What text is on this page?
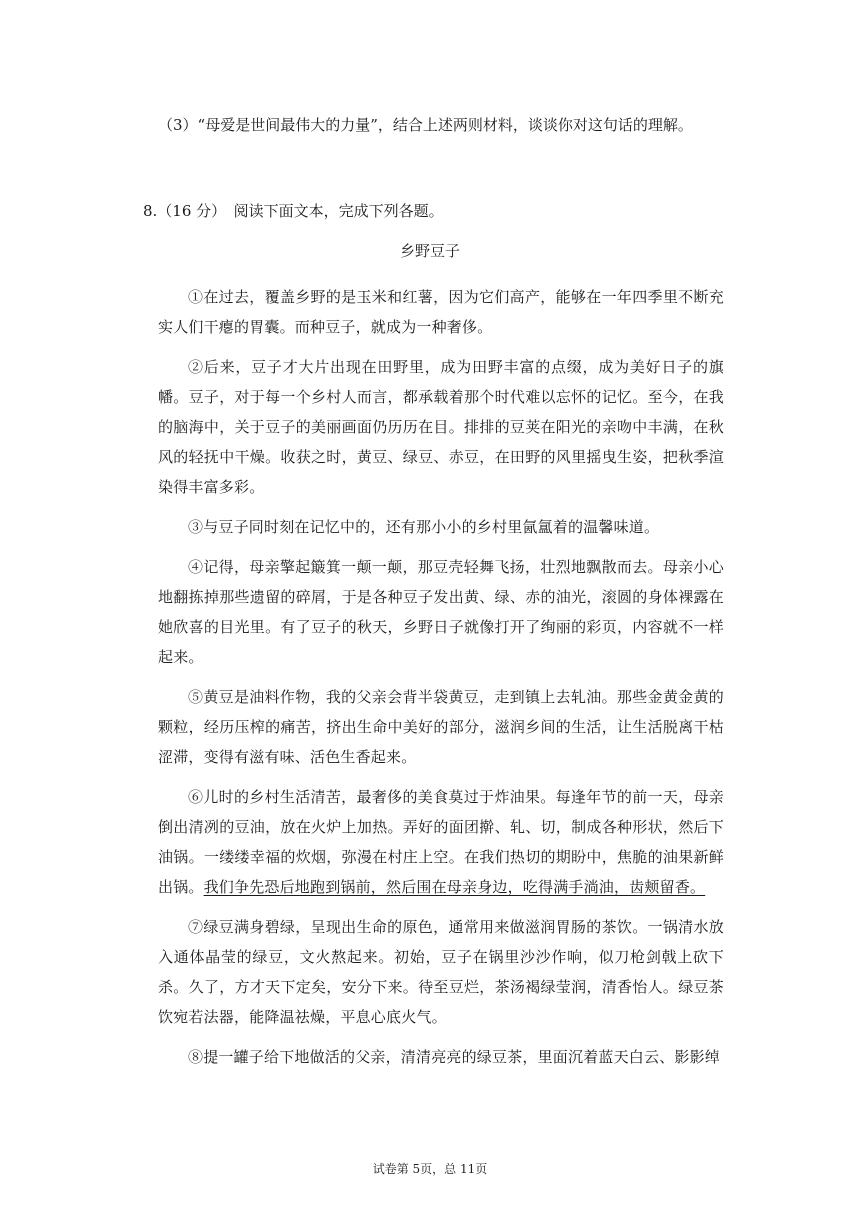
（3）“母爱是世间最伟大的力量”，结合上述两则材料，谈谈你对这句话的理解。

8.（16 分）　阅读下面文本，完成下列各题。

乡野豆子

①在过去，覆盖乡野的是玉米和红薯，因为它们高产，能够在一年四季里不断充实人们干瘪的胃囊。而种豆子，就成为一种奢侈。

②后来，豆子才大片出现在田野里，成为田野丰富的点缀，成为美好日子的旗幡。豆子，对于每一个乡村人而言，都承载着那个时代难以忘怀的记忆。至今，在我的脑海中，关于豆子的美丽画面仍历历在目。排排的豆荚在阳光的亲吻中丰满，在秋风的轻抚中干燥。收获之时，黄豆、绿豆、赤豆，在田野的风里摇曳生姿，把秋季渲染得丰富多彩。

③与豆子同时刻在记忆中的，还有那小小的乡村里氤氲着的温馨味道。

④记得，母亲擎起簸箕一颠一颠，那豆壳轻舞飞扬，壮烈地飘散而去。母亲小心地翻拣掉那些遗留的碎屑，于是各种豆子发出黄、绿、赤的油光，滚圆的身体裸露在她欣喜的目光里。有了豆子的秋天，乡野日子就像打开了绚丽的彩页，内容就不一样起来。

⑤黄豆是油料作物，我的父亲会背半袋黄豆，走到镇上去轧油。那些金黄金黄的颗粒，经历压榨的痛苦，挤出生命中美好的部分，滋润乡间的生活，让生活脱离干枯涩滞，变得有滋有味、活色生香起来。

⑥儿时的乡村生活清苦，最奢侈的美食莫过于炸油果。每逢年节的前一天，母亲倒出清冽的豆油，放在火炉上加热。弄好的面团擀、轧、切，制成各种形状，然后下油锅。一缕缕幸福的炊烟，弥漫在村庄上空。在我们热切的期盼中，焦脆的油果新鲜出锅。我们争先恐后地跑到锅前，然后围在母亲身边，吃得满手淌油，齿颊留香。

⑦绿豆满身碧绿，呈现出生命的原色，通常用来做滋润胃肠的茶饮。一锅清水放入通体晶莹的绿豆，文火熬起来。初始，豆子在锅里沙沙作响，似刀枪剑戟上砍下杀。久了，方才天下定矣，安分下来。待至豆烂，茶汤褐绿莹润，清香怡人。绿豆茶饮宛若法器，能降温祛燥，平息心底火气。

⑧提一罐子给下地做活的父亲，清清亮亮的绿豆茶，里面沉着蓝天白云、影影绰

试卷第 5页，总 11页
